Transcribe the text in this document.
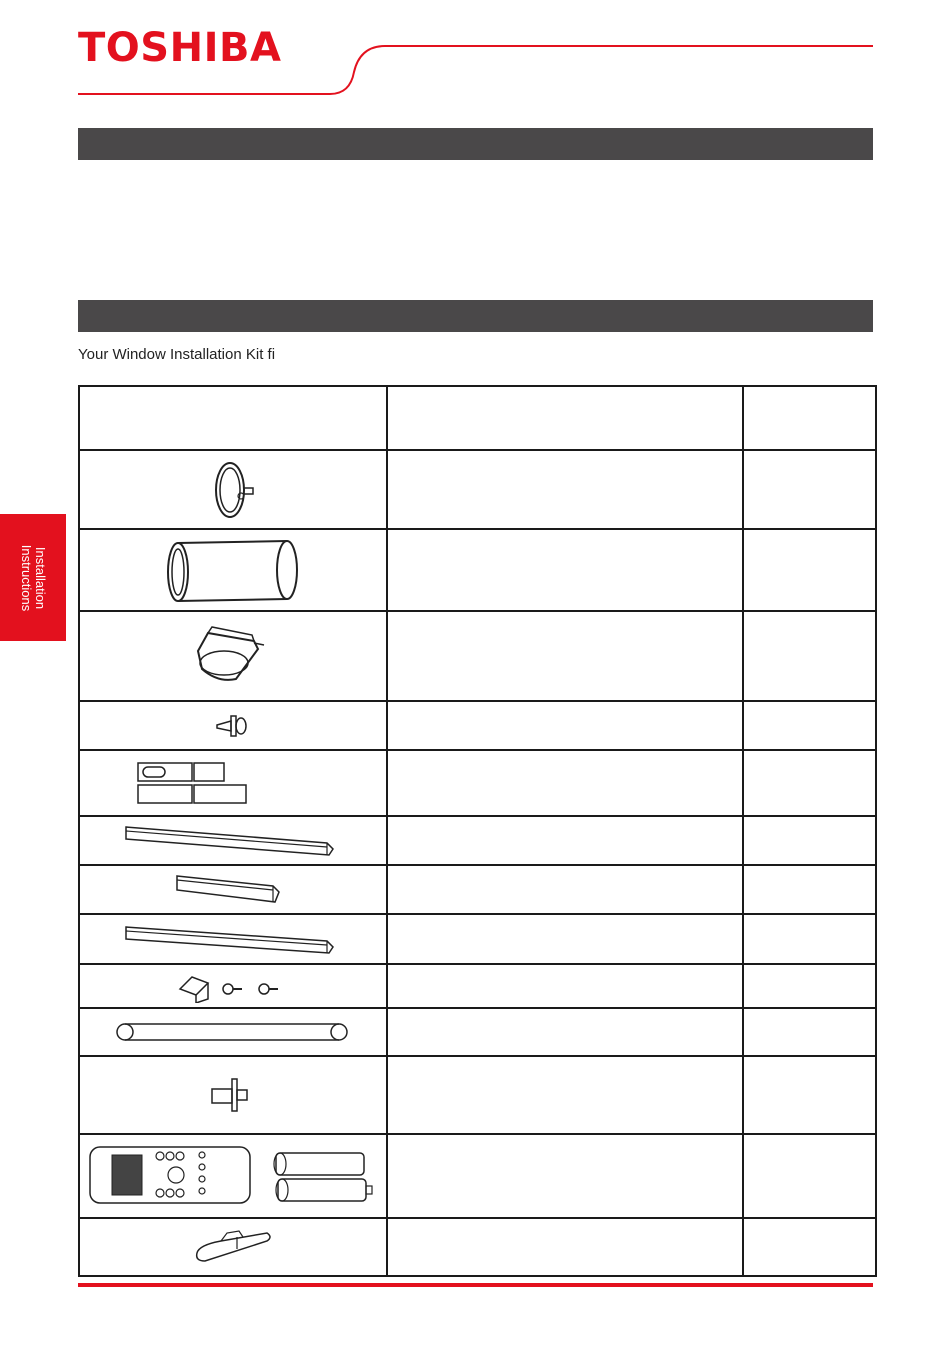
TOSHIBA
Your Window Installation Kit fi
Installation
Instructions
